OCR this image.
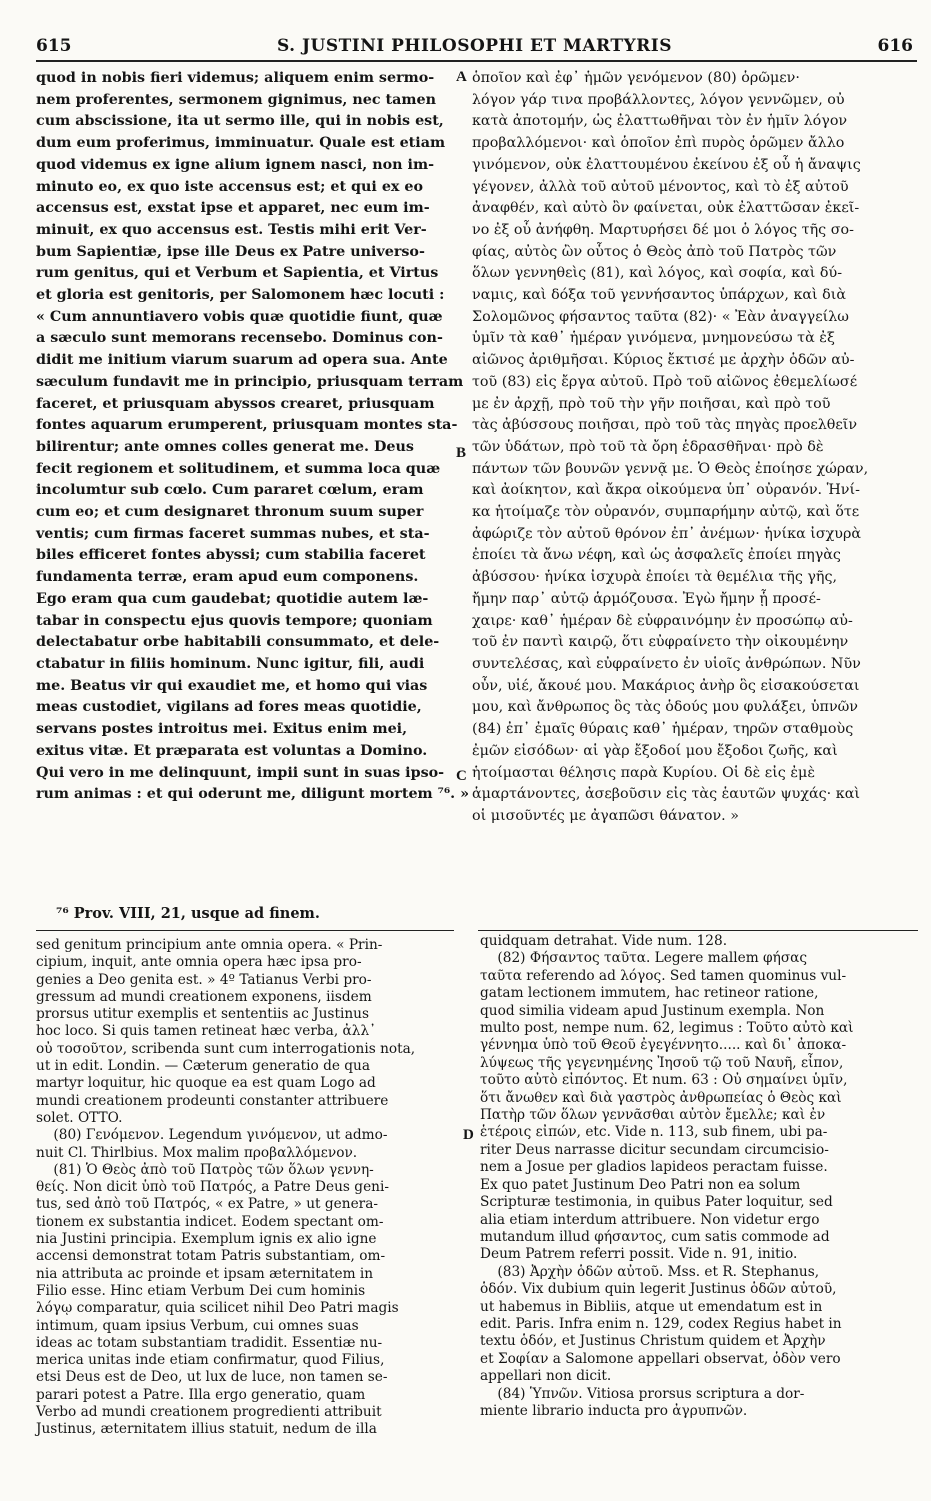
615	S. JUSTINI PHILOSOPHI ET MARTYRIS	616

quod in nobis fieri videmus; aliquem enim sermo-
nem proferentes, sermonem gignimus, nec tamen
cum abscissione, ita ut sermo ille, qui in nobis est,
dum eum proferimus, imminuatur. Quale est etiam
quod videmus ex igne alium ignem nasci, non im-
minuto eo, ex quo iste accensus est; et qui ex eo
accensus est, exstat ipse et apparet, nec eum im-
minuit, ex quo accensus est. Testis mihi erit Ver-
bum Sapientiæ, ipse ille Deus ex Patre universo-
rum genitus, qui et Verbum et Sapientia, et Virtus
et gloria est genitoris, per Salomonem hæc locuti :
« Cum annuntiavero vobis quæ quotidie fiunt, quæ
a sæculo sunt memorans recensebo. Dominus con-
didit me initium viarum suarum ad opera sua. Ante
sæculum fundavit me in principio, priusquam terram
faceret, et priusquam abyssos crearet, priusquam
fontes aquarum erumperent, priusquam montes sta-
bilirentur; ante omnes colles generat me. Deus
fecit regionem et solitudinem, et summa loca quæ
incolumtur sub cœlo. Cum pararet cœlum, eram
cum eo; et cum designaret thronum suum super
ventis; cum firmas faceret summas nubes, et sta-
biles efficeret fontes abyssi; cum stabilia faceret
fundamenta terræ, eram apud eum componens.
Ego eram qua cum gaudebat; quotidie autem læ-
tabar in conspectu ejus quovis tempore; quoniam
delectabatur orbe habitabili consummato, et dele-
ctabatur in filiis hominum. Nunc igitur, fili, audi
me. Beatus vir qui exaudiet me, et homo qui vias
meas custodiet, vigilans ad fores meas quotidie,
servans postes introitus mei. Exitus enim mei,
exitus vitæ. Et præparata est voluntas a Domino.
Qui vero in me delinquunt, impii sunt in suas ipso-
rum animas : et qui oderunt me, diligunt mortem ⁷⁶. »

ὁποῖον καὶ ἐφ᾽ ἡμῶν γενόμενον (80) ὁρῶμεν·
λόγον γάρ τινα προβάλλοντες, λόγον γεννῶμεν, οὐ
κατὰ ἀποτομήν, ὡς ἐλαττωθῆναι τὸν ἐν ἡμῖν λόγον
προβαλλόμενοι· καὶ ὁποῖον ἐπὶ πυρὸς ὁρῶμεν ἄλλο
γινόμενον, οὐκ ἐλαττουμένου ἐκείνου ἐξ οὗ ἡ ἄναψις
γέγονεν, ἀλλὰ τοῦ αὐτοῦ μένοντος, καὶ τὸ ἐξ αὐτοῦ
ἀναφθέν, καὶ αὐτὸ ὂν φαίνεται, οὐκ ἐλαττῶσαν ἐκεῖ-
νο ἐξ οὗ ἀνήφθη. Μαρτυρήσει δέ μοι ὁ λόγος τῆς σο-
φίας, αὐτὸς ὢν οὗτος ὁ Θεὸς ἀπὸ τοῦ Πατρὸς τῶν
ὅλων γεννηθεὶς (81), καὶ λόγος, καὶ σοφία, καὶ δύ-
ναμις, καὶ δόξα τοῦ γεννήσαντος ὑπάρχων, καὶ διὰ
Σολομῶνος φήσαντος ταῦτα (82)· « Ἐὰν ἀναγγείλω
ὑμῖν τὰ καθ᾽ ἡμέραν γινόμενα, μνημονεύσω τὰ ἐξ
αἰῶνος ἀριθμῆσαι. Κύριος ἔκτισέ με ἀρχὴν ὁδῶν αὐ-
τοῦ (83) εἰς ἔργα αὐτοῦ. Πρὸ τοῦ αἰῶνος ἐθεμελίωσέ
με ἐν ἀρχῇ, πρὸ τοῦ τὴν γῆν ποιῆσαι, καὶ πρὸ τοῦ
τὰς ἀβύσσους ποιῆσαι, πρὸ τοῦ τὰς πηγὰς προελθεῖν
τῶν ὑδάτων, πρὸ τοῦ τὰ ὄρη ἑδρασθῆναι· πρὸ δὲ
πάντων τῶν βουνῶν γεννᾷ με. Ὁ Θεὸς ἐποίησε χώραν,
καὶ ἀοίκητον, καὶ ἄκρα οἰκούμενα ὑπ᾽ οὐρανόν. Ἡνί-
κα ἡτοίμαζε τὸν οὐρανόν, συμπαρήμην αὐτῷ, καὶ ὅτε
ἀφώριζε τὸν αὐτοῦ θρόνον ἐπ᾽ ἀνέμων· ἡνίκα ἰσχυρὰ
ἐποίει τὰ ἄνω νέφη, καὶ ὡς ἀσφαλεῖς ἐποίει πηγὰς
ἀβύσσου· ἡνίκα ἰσχυρὰ ἐποίει τὰ θεμέλια τῆς γῆς,
ἤμην παρ᾽ αὐτῷ ἁρμόζουσα. Ἐγὼ ἤμην ᾗ προσέ-
χαιρε· καθ᾽ ἡμέραν δὲ εὐφραινόμην ἐν προσώπῳ αὐ-
τοῦ ἐν παντὶ καιρῷ, ὅτι εὐφραίνετο τὴν οἰκουμένην
συντελέσας, καὶ εὐφραίνετο ἐν υἱοῖς ἀνθρώπων. Νῦν
οὖν, υἱέ, ἄκουέ μου. Μακάριος ἀνὴρ ὃς εἰσακούσεται
μου, καὶ ἄνθρωπος ὃς τὰς ὁδούς μου φυλάξει, ὑπνῶν
(84) ἐπ᾽ ἐμαῖς θύραις καθ᾽ ἡμέραν, τηρῶν σταθμοὺς
ἐμῶν εἰσόδων· αἱ γὰρ ἔξοδοί μου ἔξοδοι ζωῆς, καὶ
ἡτοίμασται θέλησις παρὰ Κυρίου. Οἱ δὲ εἰς ἐμὲ
ἁμαρτάνοντες, ἀσεβοῦσιν εἰς τὰς ἑαυτῶν ψυχάς· καὶ
οἱ μισοῦντές με ἀγαπῶσι θάνατον. »

A
B
C
D

⁷⁶ Prov. VIII, 21, usque ad finem.

sed genitum principium ante omnia opera. « Prin-
cipium, inquit, ante omnia opera hæc ipsa pro-
genies a Deo genita est. » 4º Tatianus Verbi pro-
gressum ad mundi creationem exponens, iisdem
prorsus utitur exemplis et sententiis ac Justinus
hoc loco. Si quis tamen retineat hæc verba, ἀλλ᾽
οὐ τοσοῦτον, scribenda sunt cum interrogationis nota,
ut in edit. Londin. — Cæterum generatio de qua
martyr loquitur, hic quoque ea est quam Logo ad
mundi creationem prodeunti constanter attribuere
solet. OTTO.
(80) Γενόμενον. Legendum γινόμενον, ut admo-
nuit Cl. Thirlbius. Mox malim προβαλλόμενον.
(81) Ὁ Θεὸς ἀπὸ τοῦ Πατρὸς τῶν ὅλων γεννη-
θείς. Non dicit ὑπὸ τοῦ Πατρός, a Patre Deus geni-
tus, sed ἀπὸ τοῦ Πατρός, « ex Patre, » ut genera-
tionem ex substantia indicet. Eodem spectant om-
nia Justini principia. Exemplum ignis ex alio igne
accensi demonstrat totam Patris substantiam, om-
nia attributa ac proinde et ipsam æternitatem in
Filio esse. Hinc etiam Verbum Dei cum hominis
λόγῳ comparatur, quia scilicet nihil Deo Patri magis
intimum, quam ipsius Verbum, cui omnes suas
ideas ac totam substantiam tradidit. Essentiæ nu-
merica unitas inde etiam confirmatur, quod Filius,
etsi Deus est de Deo, ut lux de luce, non tamen se-
parari potest a Patre. Illa ergo generatio, quam
Verbo ad mundi creationem progredienti attribuit
Justinus, æternitatem illius statuit, nedum de illa

quidquam detrahat. Vide num. 128.
(82) Φήσαντος ταῦτα. Legere mallem φήσας
ταῦτα referendo ad λόγος. Sed tamen quominus vul-
gatam lectionem immutem, hac retineor ratione,
quod similia videam apud Justinum exempla. Non
multo post, nempe num. 62, legimus : Τοῦτο αὐτὸ καὶ
γέννημα ὑπὸ τοῦ Θεοῦ ἐγεγέννητο..... καὶ δι᾽ ἀποκα-
λύψεως τῆς γεγενημένης Ἰησοῦ τῷ τοῦ Ναυῆ, εἶπον,
τοῦτο αὐτὸ εἰπόντος. Et num. 63 : Οὐ σημαίνει ὑμῖν,
ὅτι ἄνωθεν καὶ διὰ γαστρὸς ἀνθρωπείας ὁ Θεὸς καὶ
Πατὴρ τῶν ὅλων γεννᾶσθαι αὐτὸν ἔμελλε; καὶ ἐν
ἑτέροις εἰπών, etc. Vide n. 113, sub finem, ubi pa-
riter Deus narrasse dicitur secundam circumcisio-
nem a Josue per gladios lapideos peractam fuisse.
Ex quo patet Justinum Deo Patri non ea solum
Scripturæ testimonia, in quibus Pater loquitur, sed
alia etiam interdum attribuere. Non videtur ergo
mutandum illud φήσαντος, cum satis commode ad
Deum Patrem referri possit. Vide n. 91, initio.
(83) Ἀρχὴν ὁδῶν αὐτοῦ. Mss. et R. Stephanus,
ὁδόν. Vix dubium quin legerit Justinus ὁδῶν αὐτοῦ,
ut habemus in Bibliis, atque ut emendatum est in
edit. Paris. Infra enim n. 129, codex Regius habet in
textu ὁδόν, et Justinus Christum quidem et Ἀρχὴν
et Σοφίαν a Salomone appellari observat, ὁδὸν vero
appellari non dicit.
(84) Ὑπνῶν. Vitiosa prorsus scriptura a dor-
miente librario inducta pro ἀγρυπνῶν.
